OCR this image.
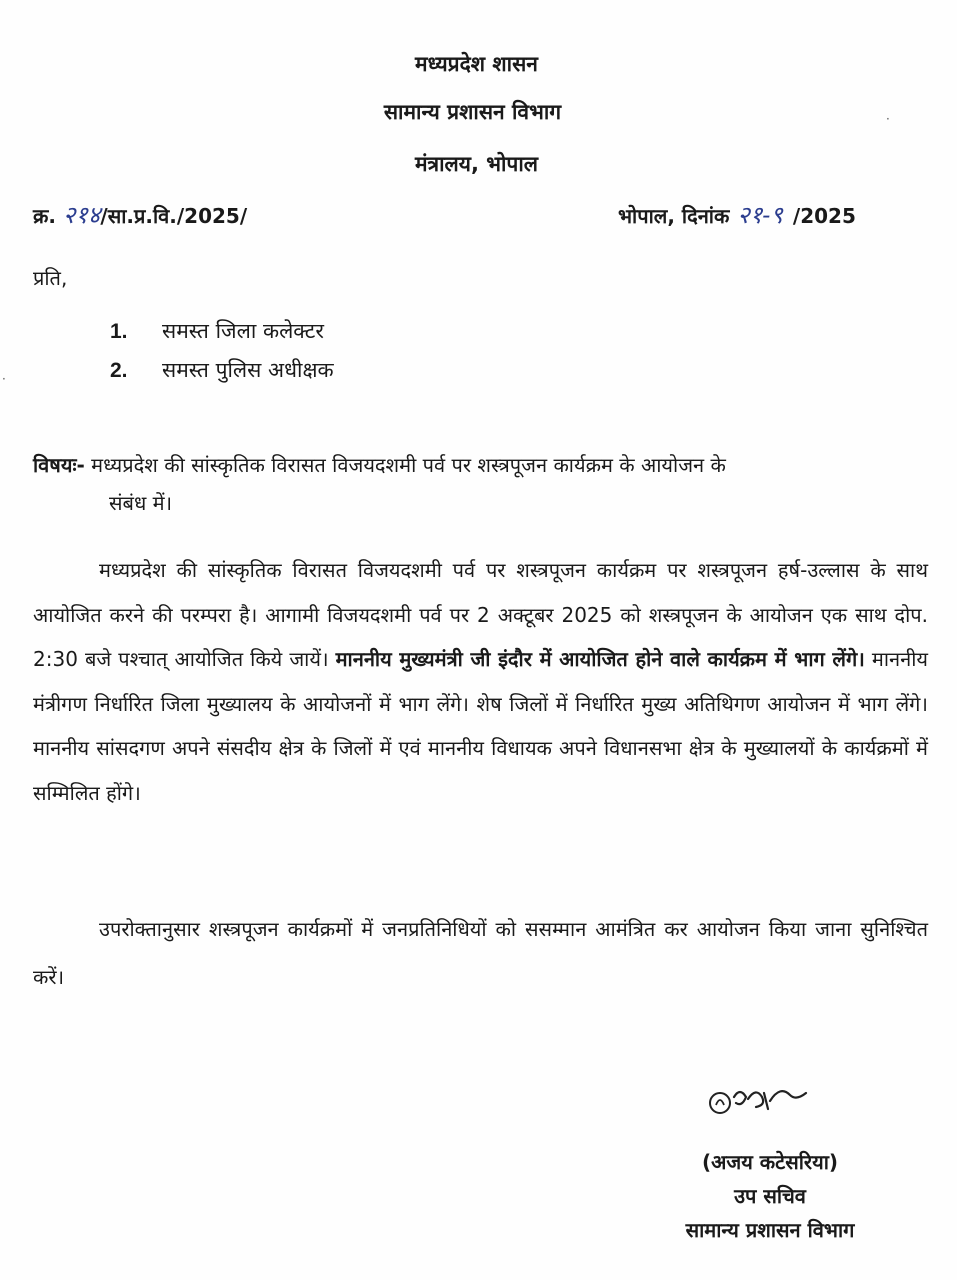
मध्यप्रदेश शासन
सामान्य प्रशासन विभाग
मंत्रालय, भोपाल
·
·
क्र. २१४/सा.प्र.वि./2025/	भोपाल, दिनांक २१-९ /2025
प्रति,
1. समस्त जिला कलेक्टर
2. समस्त पुलिस अधीक्षक
विषयः- मध्यप्रदेश की सांस्कृतिक विरासत विजयदशमी पर्व पर शस्त्रपूजन कार्यक्रम के आयोजन के
संबंध में।
मध्यप्रदेश की सांस्कृतिक विरासत विजयदशमी पर्व पर शस्त्रपूजन कार्यक्रम पर शस्त्रपूजन हर्ष-उल्लास के साथ आयोजित करने की परम्परा है। आगामी विजयदशमी पर्व पर 2 अक्टूबर 2025 को शस्त्रपूजन के आयोजन एक साथ दोप. 2:30 बजे पश्चात् आयोजित किये जायें। माननीय मुख्यमंत्री जी इंदौर में आयोजित होने वाले कार्यक्रम में भाग लेंगे। माननीय मंत्रीगण निर्धारित जिला मुख्यालय के आयोजनों में भाग लेंगे। शेष जिलों में निर्धारित मुख्य अतिथिगण आयोजन में भाग लेंगे। माननीय सांसदगण अपने संसदीय क्षेत्र के जिलों में एवं माननीय विधायक अपने विधानसभा क्षेत्र के मुख्यालयों के कार्यक्रमों में सम्मिलित होंगे।
उपरोक्तानुसार शस्त्रपूजन कार्यक्रमों में जनप्रतिनिधियों को ससम्मान आमंत्रित कर आयोजन किया जाना सुनिश्चित करें।
(अजय कटेसरिया)
उप सचिव
सामान्य प्रशासन विभाग
